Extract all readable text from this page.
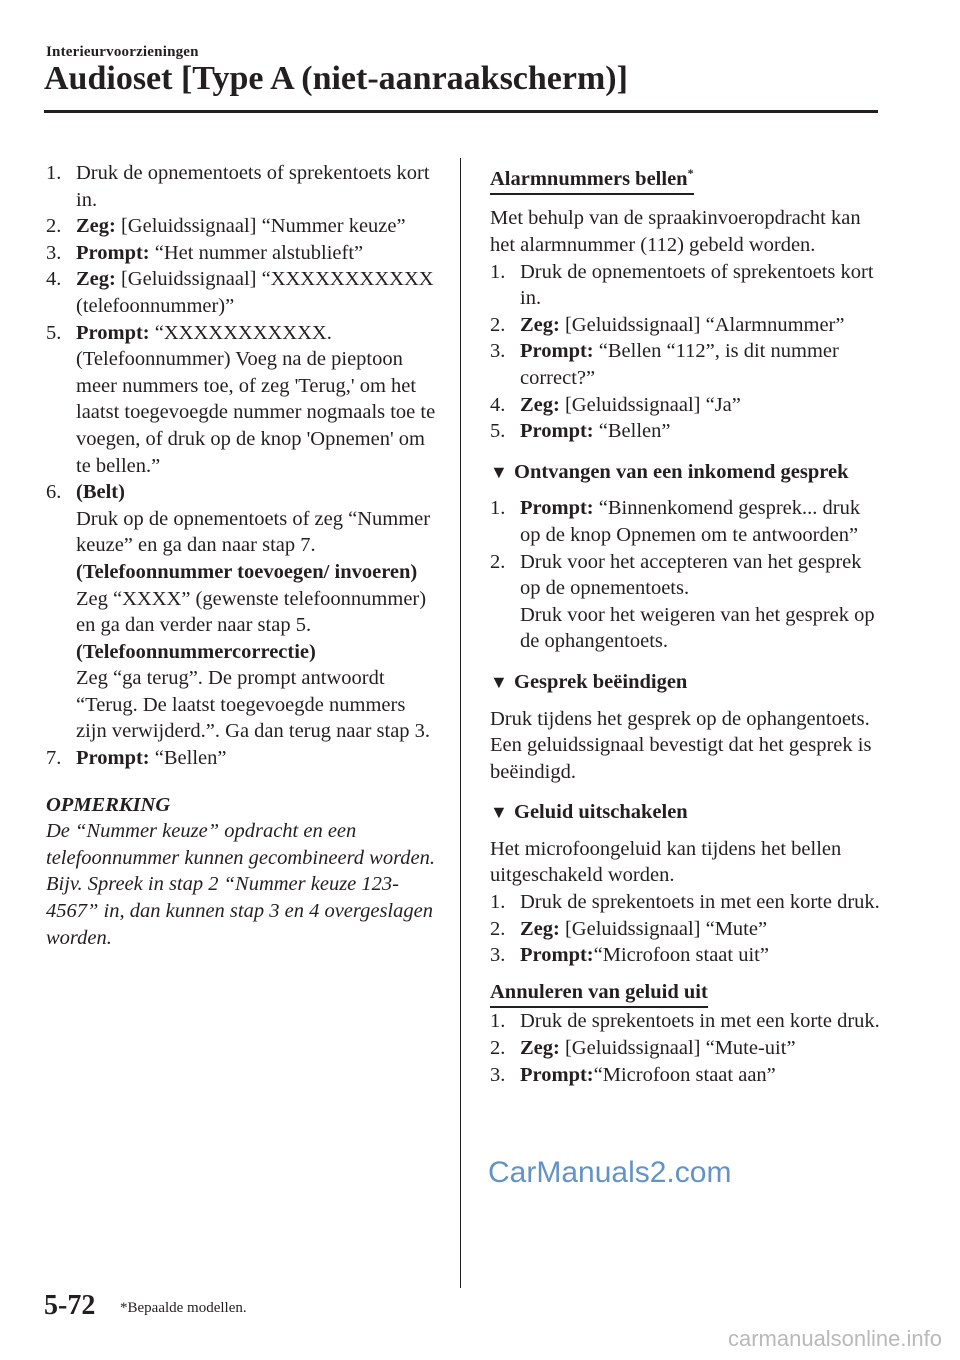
Interieurvoorzieningen
Audioset [Type A (niet-aanraakscherm)]
1. Druk de opnementoets of sprekentoets kort in.
2. Zeg: [Geluidssignaal] “Nummer keuze”
3. Prompt: “Het nummer alstublieft”
4. Zeg: [Geluidssignaal] “XXXXXXXXXXX (telefoonnummer)”
5. Prompt: “XXXXXXXXXXX. (Telefoonnummer) Voeg na de pieptoon meer nummers toe, of zeg 'Terug,' om het laatst toegevoegde nummer nogmaals toe te voegen, of druk op de knop 'Opnemen' om te bellen.”
6. (Belt)
Druk op de opnementoets of zeg “Nummer keuze” en ga dan naar stap 7.
(Telefoonnummer toevoegen/ invoeren)
Zeg “XXXX” (gewenste telefoonnummer) en ga dan verder naar stap 5.
(Telefoonnummercorrectie)
Zeg “ga terug”. De prompt antwoordt “Terug. De laatst toegevoegde nummers zijn verwijderd.”. Ga dan terug naar stap 3.
7. Prompt: “Bellen”
OPMERKING
De “Nummer keuze” opdracht en een telefoonnummer kunnen gecombineerd worden.
Bijv. Spreek in stap 2 “Nummer keuze 123-4567” in, dan kunnen stap 3 en 4 overgeslagen worden.
Alarmnummers bellen*
Met behulp van de spraakinvoeropdracht kan het alarmnummer (112) gebeld worden.
1. Druk de opnementoets of sprekentoets kort in.
2. Zeg: [Geluidssignaal] “Alarmnummer”
3. Prompt: “Bellen “112”, is dit nummer correct?”
4. Zeg: [Geluidssignaal] “Ja”
5. Prompt: “Bellen”
▼ Ontvangen van een inkomend gesprek
1. Prompt: “Binnenkomend gesprek... druk op de knop Opnemen om te antwoorden”
2. Druk voor het accepteren van het gesprek op de opnementoets.
Druk voor het weigeren van het gesprek op de ophangentoets.
▼ Gesprek beëindigen
Druk tijdens het gesprek op de ophangentoets. Een geluidssignaal bevestigt dat het gesprek is beëindigd.
▼ Geluid uitschakelen
Het microfoongeluid kan tijdens het bellen uitgeschakeld worden.
1. Druk de sprekentoets in met een korte druk.
2. Zeg: [Geluidssignaal] “Mute”
3. Prompt:“Microfoon staat uit”
Annuleren van geluid uit
1. Druk de sprekentoets in met een korte druk.
2. Zeg: [Geluidssignaal] “Mute-uit”
3. Prompt:“Microfoon staat aan”
CarManuals2.com
5-72 *Bepaalde modellen.
carmanualsonline.info
